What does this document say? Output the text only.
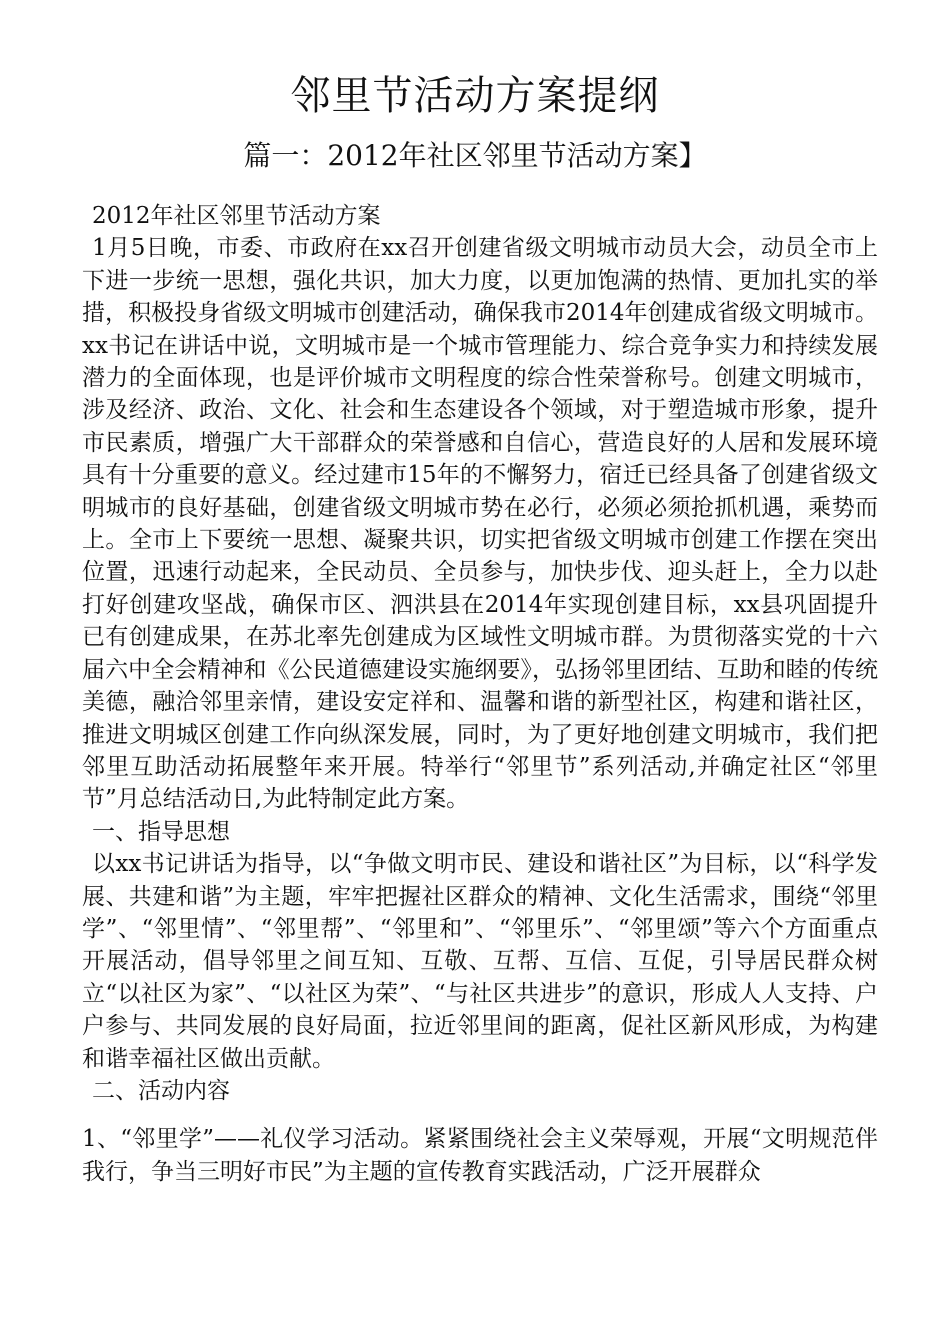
邻里节活动方案提纲
篇一：2012年社区邻里节活动方案】

2012年社区邻里节活动方案

1月5日晚，市委、市政府在xx召开创建省级文明城市动员大会，动员全市上下进一步统一思想，强化共识，加大力度，以更加饱满的热情、更加扎实的举措，积极投身省级文明城市创建活动，确保我市2014年创建成省级文明城市。xx书记在讲话中说，文明城市是一个城市管理能力、综合竞争实力和持续发展潜力的全面体现，也是评价城市文明程度的综合性荣誉称号。创建文明城市，涉及经济、政治、文化、社会和生态建设各个领域，对于塑造城市形象，提升市民素质，增强广大干部群众的荣誉感和自信心，营造良好的人居和发展环境具有十分重要的意义。经过建市15年的不懈努力，宿迁已经具备了创建省级文明城市的良好基础，创建省级文明城市势在必行，必须必须抢抓机遇，乘势而上。全市上下要统一思想、凝聚共识，切实把省级文明城市创建工作摆在突出位置，迅速行动起来，全民动员、全员参与，加快步伐、迎头赶上，全力以赴打好创建攻坚战，确保市区、泗洪县在2014年实现创建目标，xx县巩固提升已有创建成果，在苏北率先创建成为区域性文明城市群。为贯彻落实党的十六届六中全会精神和《公民道德建设实施纲要》，弘扬邻里团结、互助和睦的传统美德，融洽邻里亲情，建设安定祥和、温馨和谐的新型社区，构建和谐社区，推进文明城区创建工作向纵深发展，同时，为了更好地创建文明城市，我们把邻里互助活动拓展整年来开展。特举行“邻里节”系列活动,并确定社区“邻里节”月总结活动日,为此特制定此方案。

一、指导思想

以xx书记讲话为指导，以“争做文明市民、建设和谐社区”为目标，以“科学发展、共建和谐”为主题，牢牢把握社区群众的精神、文化生活需求，围绕“邻里学”、“邻里情”、“邻里帮”、“邻里和”、“邻里乐”、“邻里颂”等六个方面重点开展活动，倡导邻里之间互知、互敬、互帮、互信、互促，引导居民群众树立“以社区为家”、“以社区为荣”、“与社区共进步”的意识，形成人人支持、户户参与、共同发展的良好局面，拉近邻里间的距离，促社区新风形成，为构建和谐幸福社区做出贡献。

二、活动内容

1、“邻里学”——礼仪学习活动。紧紧围绕社会主义荣辱观，开展“文明规范伴我行，争当三明好市民”为主题的宣传教育实践活动，广泛开展群众
